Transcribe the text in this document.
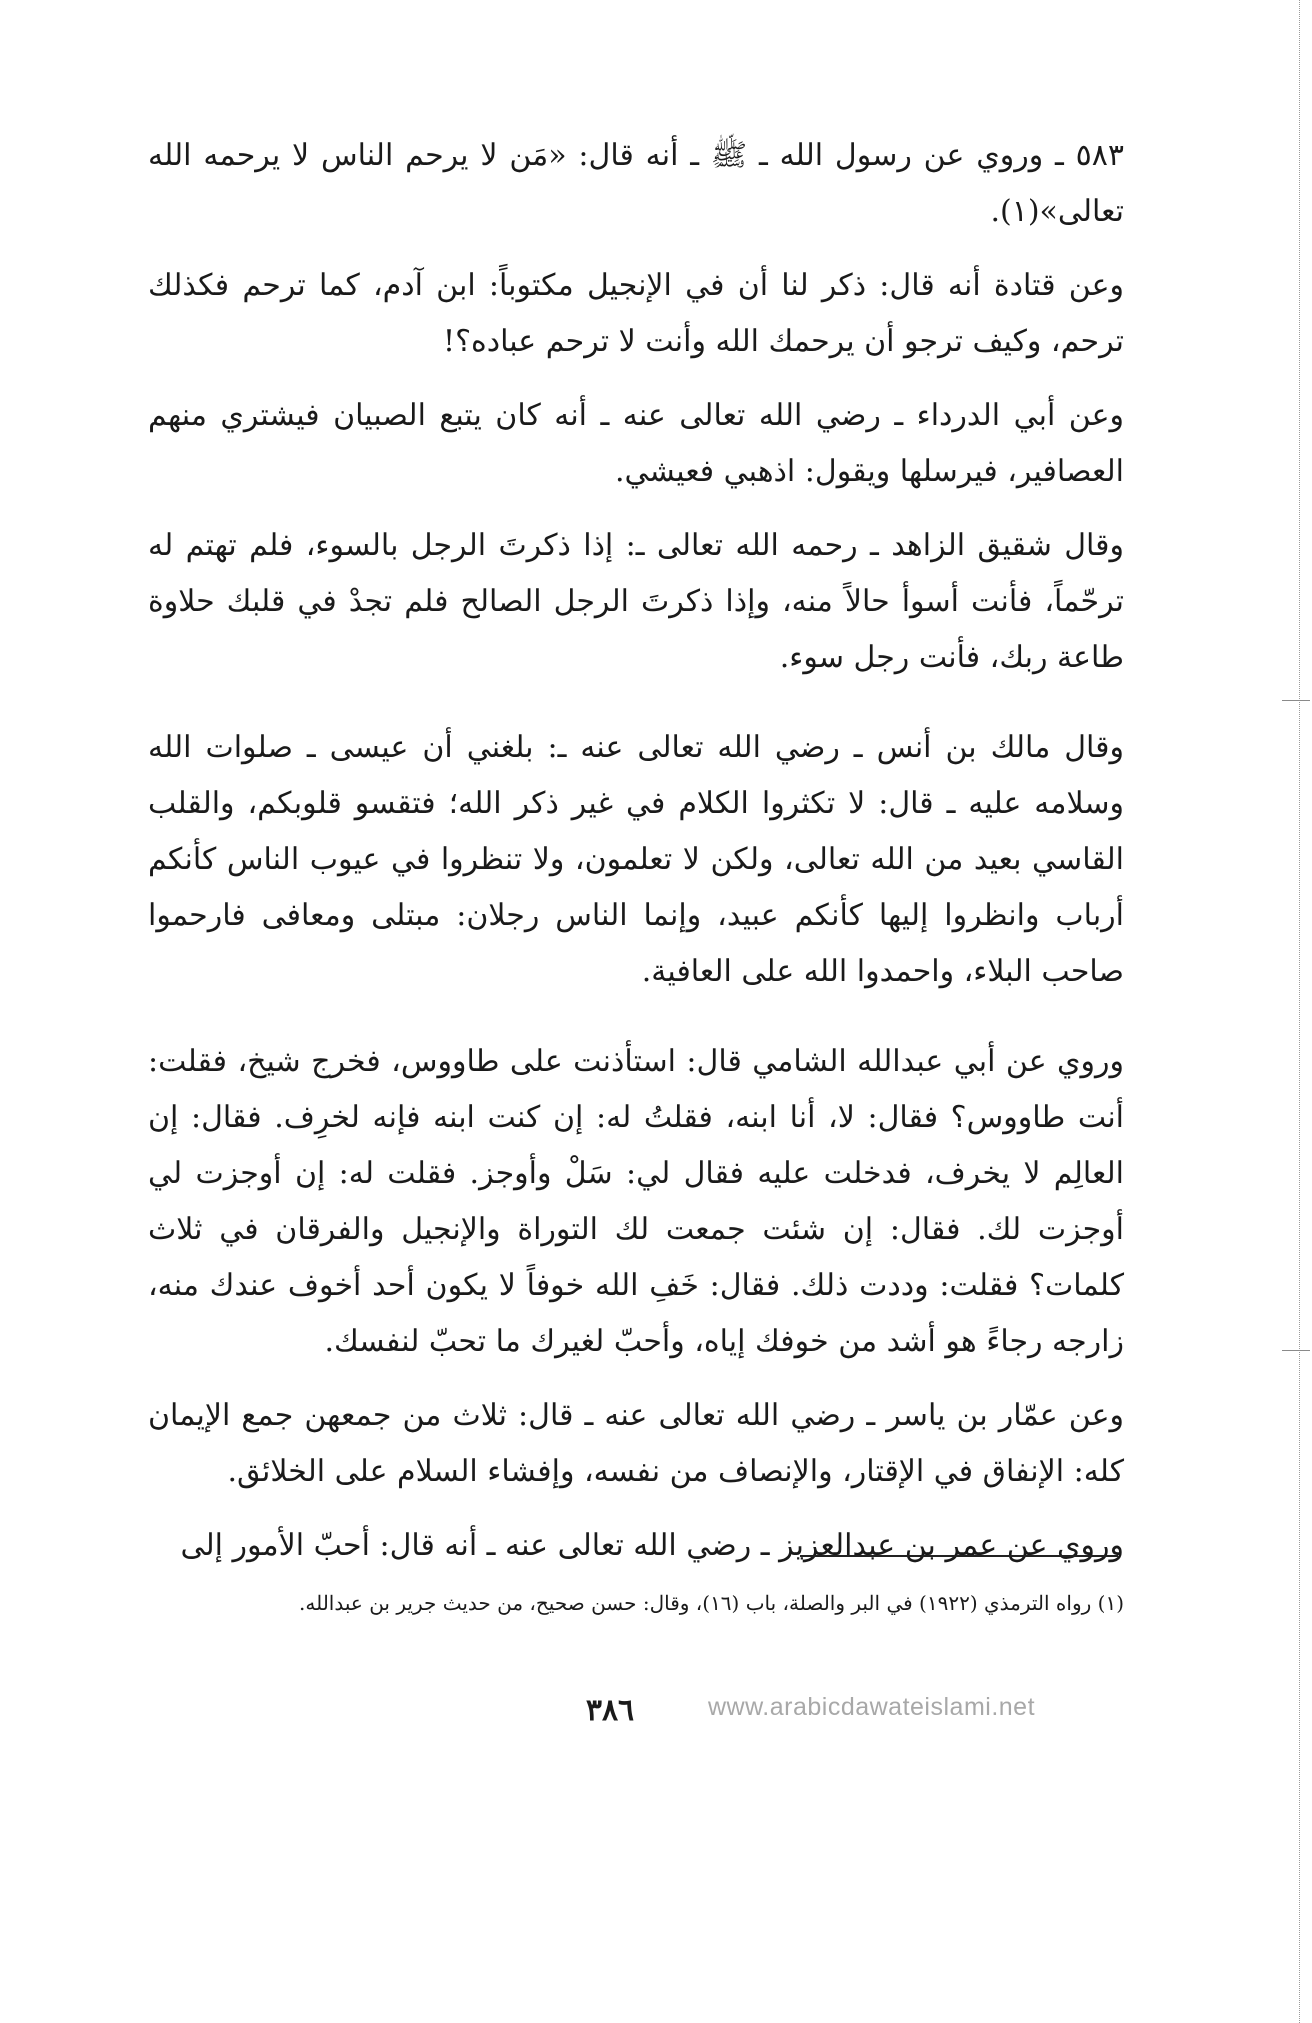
٥٨٣ ـ وروي عن رسول الله ـ ﷺ ـ أنه قال: «مَن لا يرحم الناس لا يرحمه الله تعالى»(١).

وعن قتادة أنه قال: ذكر لنا أن في الإنجيل مكتوباً: ابن آدم، كما ترحم فكذلك ترحم، وكيف ترجو أن يرحمك الله وأنت لا ترحم عباده؟!

وعن أبي الدرداء ـ رضي الله تعالى عنه ـ أنه كان يتبع الصبيان فيشتري منهم العصافير، فيرسلها ويقول: اذهبي فعيشي.

وقال شقيق الزاهد ـ رحمه الله تعالى ـ: إذا ذكرتَ الرجل بالسوء، فلم تهتم له ترحّماً، فأنت أسوأ حالاً منه، وإذا ذكرتَ الرجل الصالح فلم تجدْ في قلبك حلاوة طاعة ربك، فأنت رجل سوء.

وقال مالك بن أنس ـ رضي الله تعالى عنه ـ: بلغني أن عيسى ـ صلوات الله وسلامه عليه ـ قال: لا تكثروا الكلام في غير ذكر الله؛ فتقسو قلوبكم، والقلب القاسي بعيد من الله تعالى، ولكن لا تعلمون، ولا تنظروا في عيوب الناس كأنكم أرباب وانظروا إليها كأنكم عبيد، وإنما الناس رجلان: مبتلى ومعافى فارحموا صاحب البلاء، واحمدوا الله على العافية.

وروي عن أبي عبدالله الشامي قال: استأذنت على طاووس، فخرج شيخ، فقلت: أنت طاووس؟ فقال: لا، أنا ابنه، فقلتُ له: إن كنت ابنه فإنه لخرِف. فقال: إن العالِم لا يخرف، فدخلت عليه فقال لي: سَلْ وأوجز. فقلت له: إن أوجزت لي أوجزت لك. فقال: إن شئت جمعت لك التوراة والإنجيل والفرقان في ثلاث كلمات؟ فقلت: وددت ذلك. فقال: خَفِ الله خوفاً لا يكون أحد أخوف عندك منه، زارجه رجاءً هو أشد من خوفك إياه، وأحبّ لغيرك ما تحبّ لنفسك.

وعن عمّار بن ياسر ـ رضي الله تعالى عنه ـ قال: ثلاث من جمعهن جمع الإيمان كله: الإنفاق في الإقتار، والإنصاف من نفسه، وإفشاء السلام على الخلائق.

وروي عن عمر بن عبدالعزيز ـ رضي الله تعالى عنه ـ أنه قال: أحبّ الأمور إلى

(١) رواه الترمذي (١٩٢٢) في البر والصلة، باب (١٦)، وقال: حسن صحيح، من حديث جرير بن عبدالله.
٣٨٦	www.arabicdawateislami.net
